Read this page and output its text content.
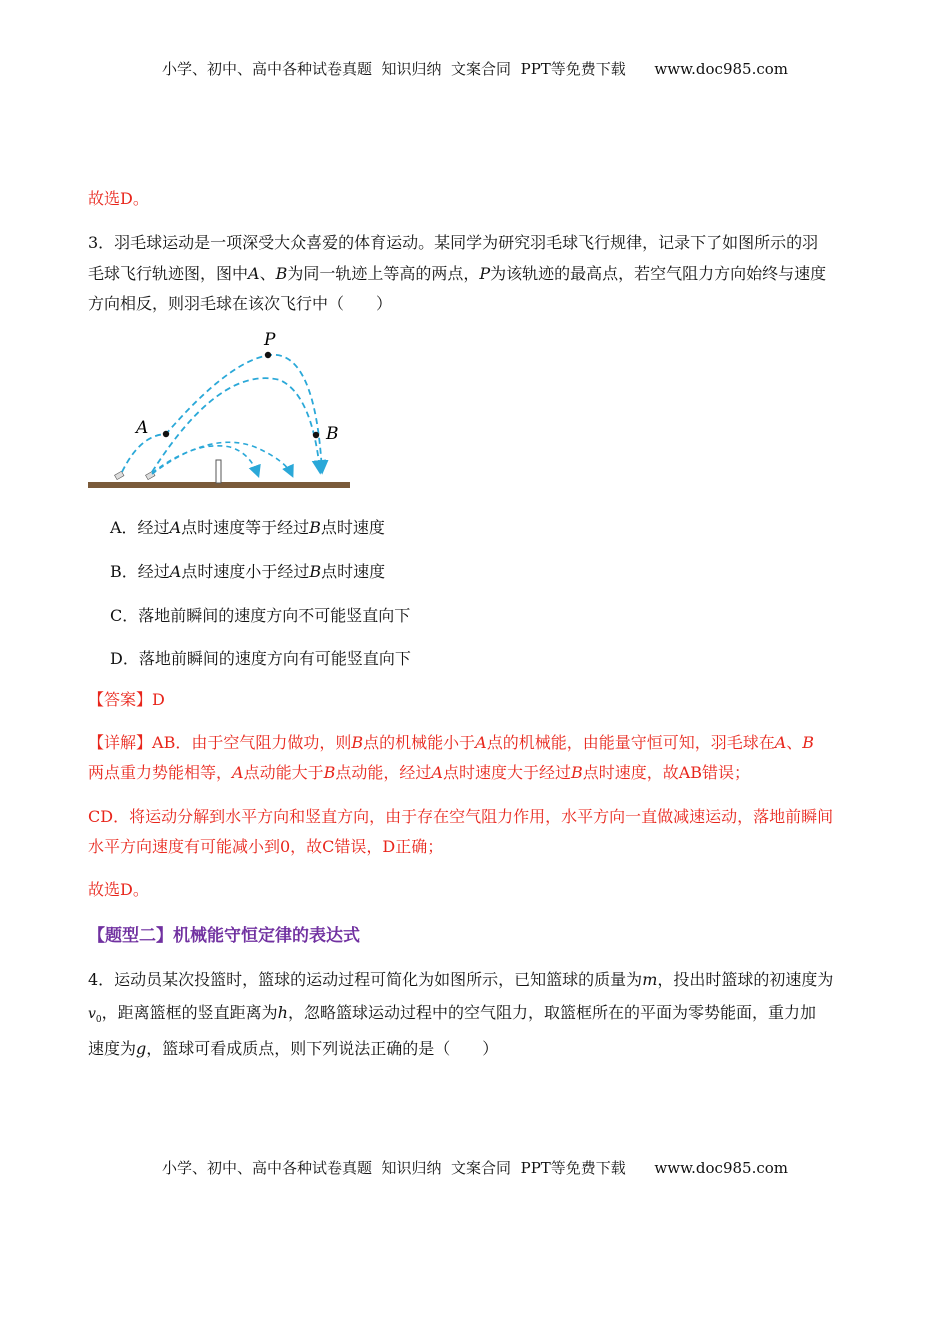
小学、初中、高中各种试卷真题  知识归纳  文案合同  PPT等免费下载 www.doc985.com
故选D。
3．羽毛球运动是一项深受大众喜爱的体育运动。某同学为研究羽毛球飞行规律，记录下了如图所示的羽
毛球飞行轨迹图，图中A、B为同一轨迹上等高的两点，P为该轨迹的最高点，若空气阻力方向始终与速度
方向相反，则羽毛球在该次飞行中（　　）
P
A	B
A．经过A点时速度等于经过B点时速度
B．经过A点时速度小于经过B点时速度
C．落地前瞬间的速度方向不可能竖直向下
D．落地前瞬间的速度方向有可能竖直向下
【答案】D
【详解】AB．由于空气阻力做功，则B点的机械能小于A点的机械能，由能量守恒可知，羽毛球在A、B
两点重力势能相等，A点动能大于B点动能，经过A点时速度大于经过B点时速度，故AB错误；
CD．将运动分解到水平方向和竖直方向，由于存在空气阻力作用，水平方向一直做减速运动，落地前瞬间
水平方向速度有可能减小到0，故C错误，D正确；
故选D。
【题型二】机械能守恒定律的表达式
4．运动员某次投篮时，篮球的运动过程可简化为如图所示，已知篮球的质量为m，投出时篮球的初速度为
$v_0$，距离篮框的竖直距离为h，忽略篮球运动过程中的空气阻力，取篮框所在的平面为零势能面，重力加
速度为g，篮球可看成质点，则下列说法正确的是（　　）
小学、初中、高中各种试卷真题  知识归纳  文案合同  PPT等免费下载 www.doc985.com
